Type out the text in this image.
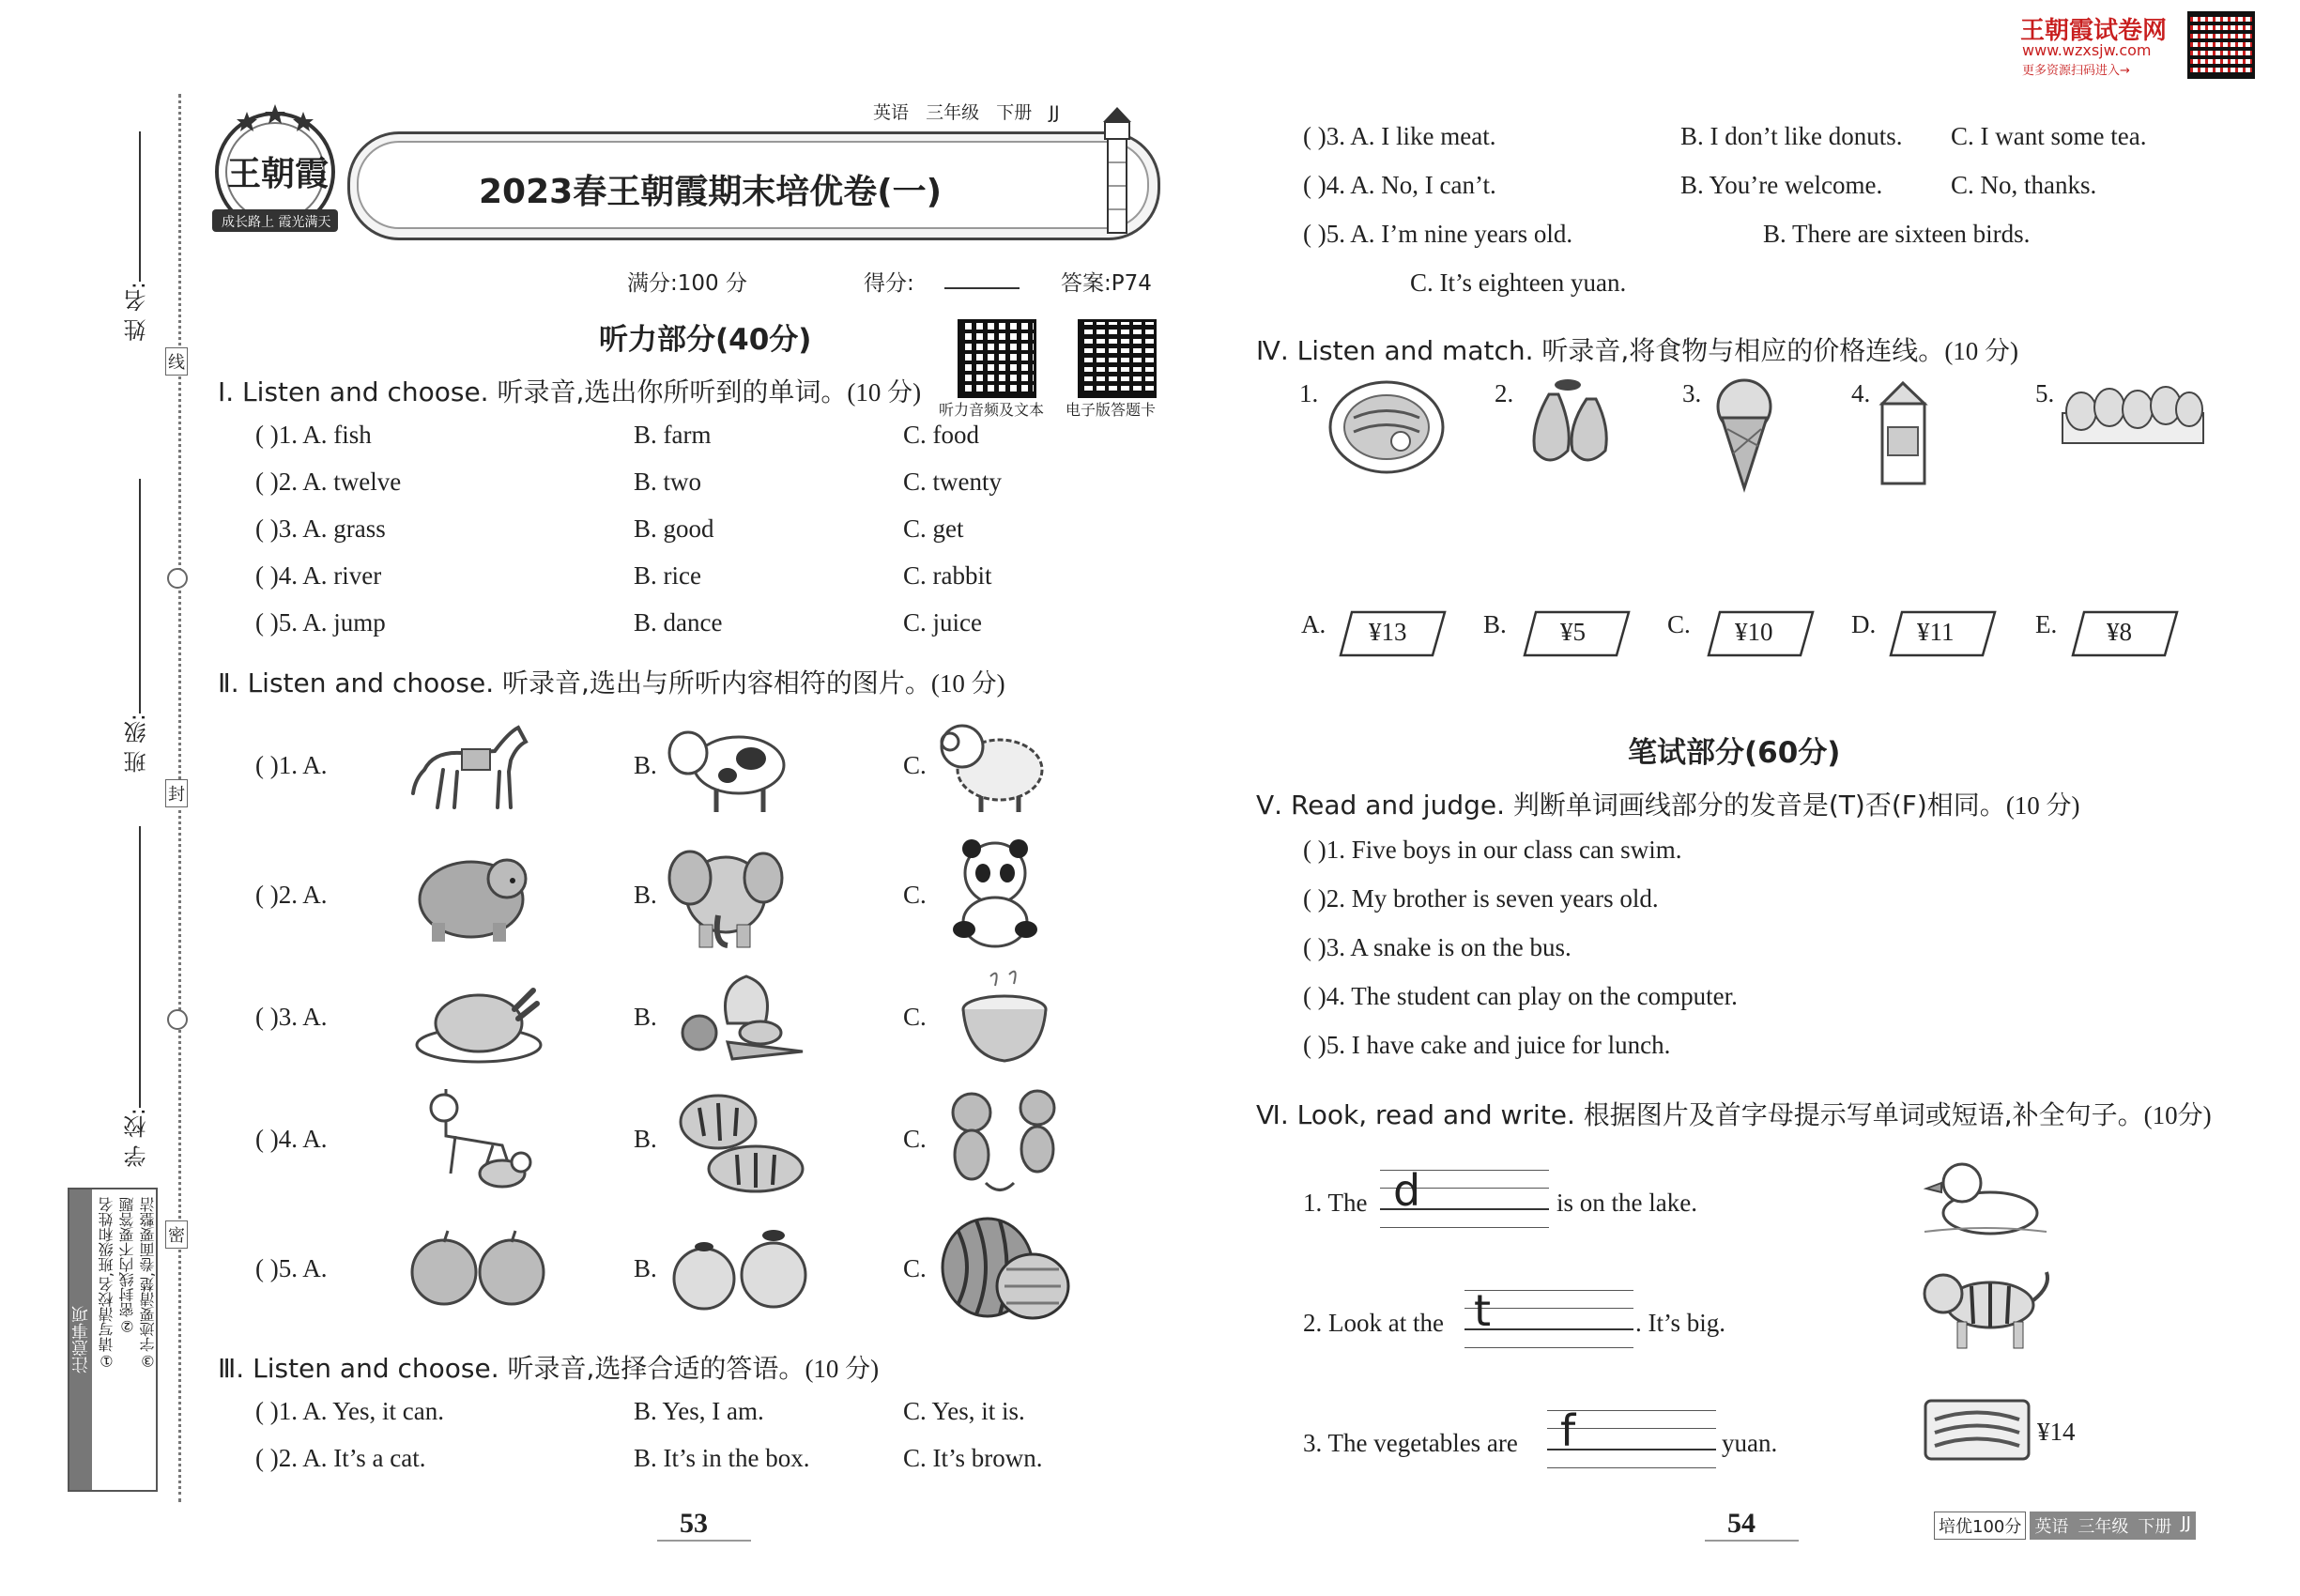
姓 名:
班 级:
学 校:
线
封
密
注意事项 ①请写清校名,班级和姓名 ②密封线内不要答题 ③字迹要清楚,卷面要整洁
王朝霞
成长路上 霞光满天
2023春王朝霞期末培优卷(一)
英语 三年级 下册 JJ
满分:100 分	得分:	答案:P74
听力音频及文本 电子版答题卡
听力部分(40分)
Ⅰ. Listen and choose. 听录音,选出你所听到的单词。(10 分)
( )1. A. fish	B. farm	C. food
( )2. A. twelve	B. two	C. twenty
( )3. A. grass	B. good	C. get
( )4. A. river	B. rice	C. rabbit
( )5. A. jump	B. dance	C. juice
Ⅱ. Listen and choose. 听录音,选出与所听内容相符的图片。(10 分)
( )1. A.	B.	C.
( )2. A.	B.	C.
( )3. A.	B.	C.
( )4. A.	B.	C.
( )5. A.	B.	C.
Ⅲ. Listen and choose. 听录音,选择合适的答语。(10 分)
( )1. A. Yes, it can.	B. Yes, I am.	C. Yes, it is.
( )2. A. It’s a cat.	B. It’s in the box.	C. It’s brown.
( )3. A. I like meat.	B. I don’t like donuts. C. I want some tea.
( )4. A. No, I can’t.	B. You’re welcome.	C. No, thanks.
( )5. A. I’m nine years old.	B. There are sixteen birds.
C. It’s eighteen yuan.
王朝霞试卷网
www.wzxsjw.com
更多资源扫码进入→
Ⅳ. Listen and match. 听录音,将食物与相应的价格连线。(10 分)
1.	2.	3.	4.	5.
A. ¥13	B. ¥5	C. ¥10	D. ¥11	E. ¥8
笔试部分(60分)
Ⅴ. Read and judge. 判断单词画线部分的发音是(T)否(F)相同。(10 分)
( )1. Five boys in our class can swim.
( )2. My brother is seven years old.
( )3. A snake is on the bus.
( )4. The student can play on the computer.
( )5. I have cake and juice for lunch.
Ⅵ. Look, read and write. 根据图片及首字母提示写单词或短语,补全句子。(10分)
1. The d	is on the lake.
2. Look at the t	. It’s big.
3. The vegetables are f	yuan.	¥14
53	54	培优100分 英语 三年级 下册 JJ
